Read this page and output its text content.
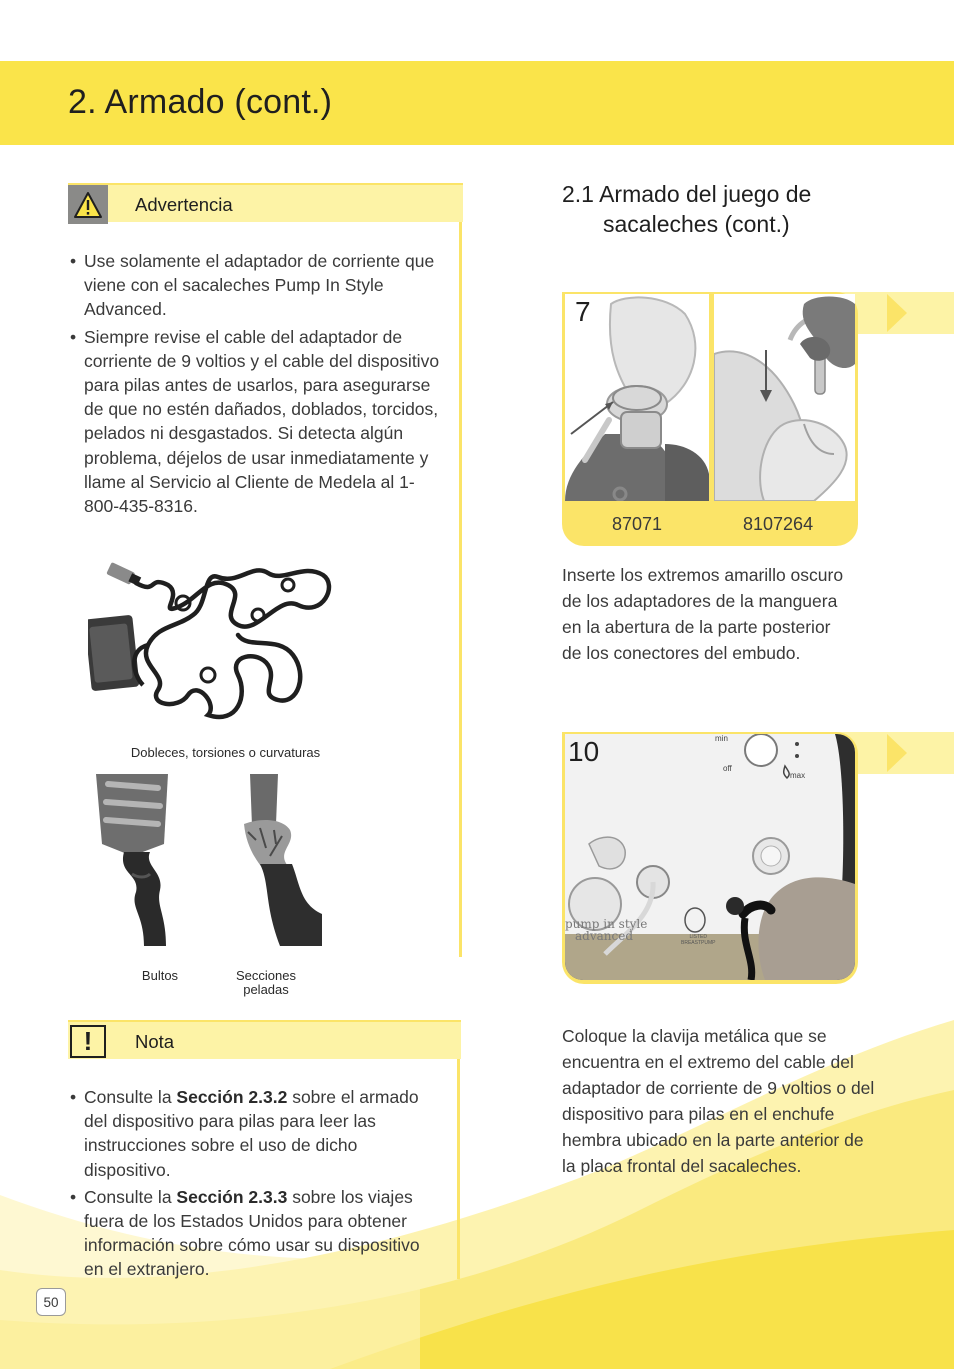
2. Armado (cont.)
Advertencia
• Use solamente el adaptador de corriente que viene con el sacaleches Pump In Style Advanced.
• Siempre revise el cable del adaptador de corriente de 9 voltios y el cable del dispositivo para pilas antes de usarlos, para asegurarse de que no estén dañados, doblados, torcidos, pelados ni desgastados. Si detecta algún problema, déjelos de usar inmediatamente y llame al Servicio al Cliente de Medela al 1-800-435-8316.
Dobleces, torsiones o curvaturas
Bultos	Secciones peladas
!	Nota
• Consulte la Sección 2.3.2 sobre el armado del dispositivo para pilas para leer las instrucciones sobre el uso de dicho dispositivo.
• Consulte la Sección 2.3.3 sobre los viajes fuera de los Estados Unidos para obtener información sobre cómo usar su dispositivo en el extranjero.
50
2.1 Armado del juego de
sacaleches (cont.)
7
87071	8107264
Inserte los extremos amarillo oscuro de los adaptadores de la manguera en la abertura de la parte posterior de los conectores del embudo.
10	min
off
max
pump in style
advanced	LISTED
BREASTPUMP
Coloque la clavija metálica que se encuentra en el extremo del cable del adaptador de corriente de 9 voltios o del dispositivo para pilas en el enchufe hembra ubicado en la parte anterior de la placa frontal del sacaleches.
